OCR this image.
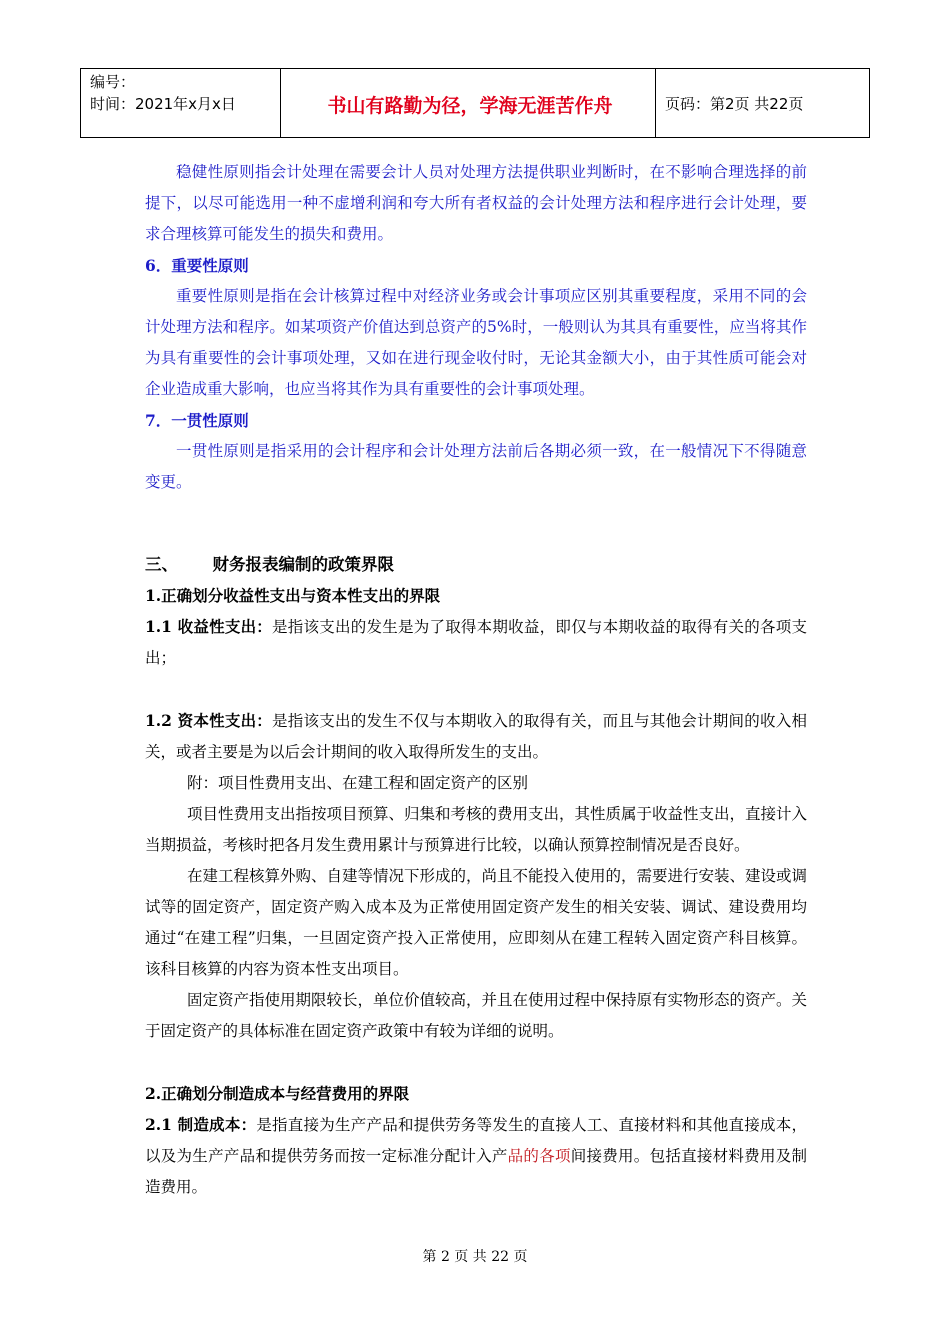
编号：
时间：2021年x月x日	书山有路勤为径，学海无涯苦作舟	页码：第2页 共22页

稳健性原则指会计处理在需要会计人员对处理方法提供职业判断时，在不影响合理选择的前提下，以尽可能选用一种不虚增利润和夸大所有者权益的会计处理方法和程序进行会计处理，要求合理核算可能发生的损失和费用。

6．重要性原则

重要性原则是指在会计核算过程中对经济业务或会计事项应区别其重要程度，采用不同的会计处理方法和程序。如某项资产价值达到总资产的5%时，一般则认为其具有重要性，应当将其作为具有重要性的会计事项处理，又如在进行现金收付时，无论其金额大小，由于其性质可能会对企业造成重大影响，也应当将其作为具有重要性的会计事项处理。

7．一贯性原则

一贯性原则是指采用的会计程序和会计处理方法前后各期必须一致，在一般情况下不得随意变更。

三、      财务报表编制的政策界限

1.正确划分收益性支出与资本性支出的界限

1.1 收益性支出：是指该支出的发生是为了取得本期收益，即仅与本期收益的取得有关的各项支出；

1.2 资本性支出：是指该支出的发生不仅与本期收入的取得有关，而且与其他会计期间的收入相关，或者主要是为以后会计期间的收入取得所发生的支出。

附：项目性费用支出、在建工程和固定资产的区别

项目性费用支出指按项目预算、归集和考核的费用支出，其性质属于收益性支出，直接计入当期损益，考核时把各月发生费用累计与预算进行比较，以确认预算控制情况是否良好。

在建工程核算外购、自建等情况下形成的，尚且不能投入使用的，需要进行安装、建设或调试等的固定资产，固定资产购入成本及为正常使用固定资产发生的相关安装、调试、建设费用均通过“在建工程”归集，一旦固定资产投入正常使用，应即刻从在建工程转入固定资产科目核算。该科目核算的内容为资本性支出项目。

固定资产指使用期限较长，单位价值较高，并且在使用过程中保持原有实物形态的资产。关于固定资产的具体标准在固定资产政策中有较为详细的说明。

2.正确划分制造成本与经营费用的界限

2.1 制造成本：是指直接为生产产品和提供劳务等发生的直接人工、直接材料和其他直接成本，以及为生产产品和提供劳务而按一定标准分配计入产品的各项间接费用。包括直接材料费用及制造费用。

第 2 页 共 22 页
